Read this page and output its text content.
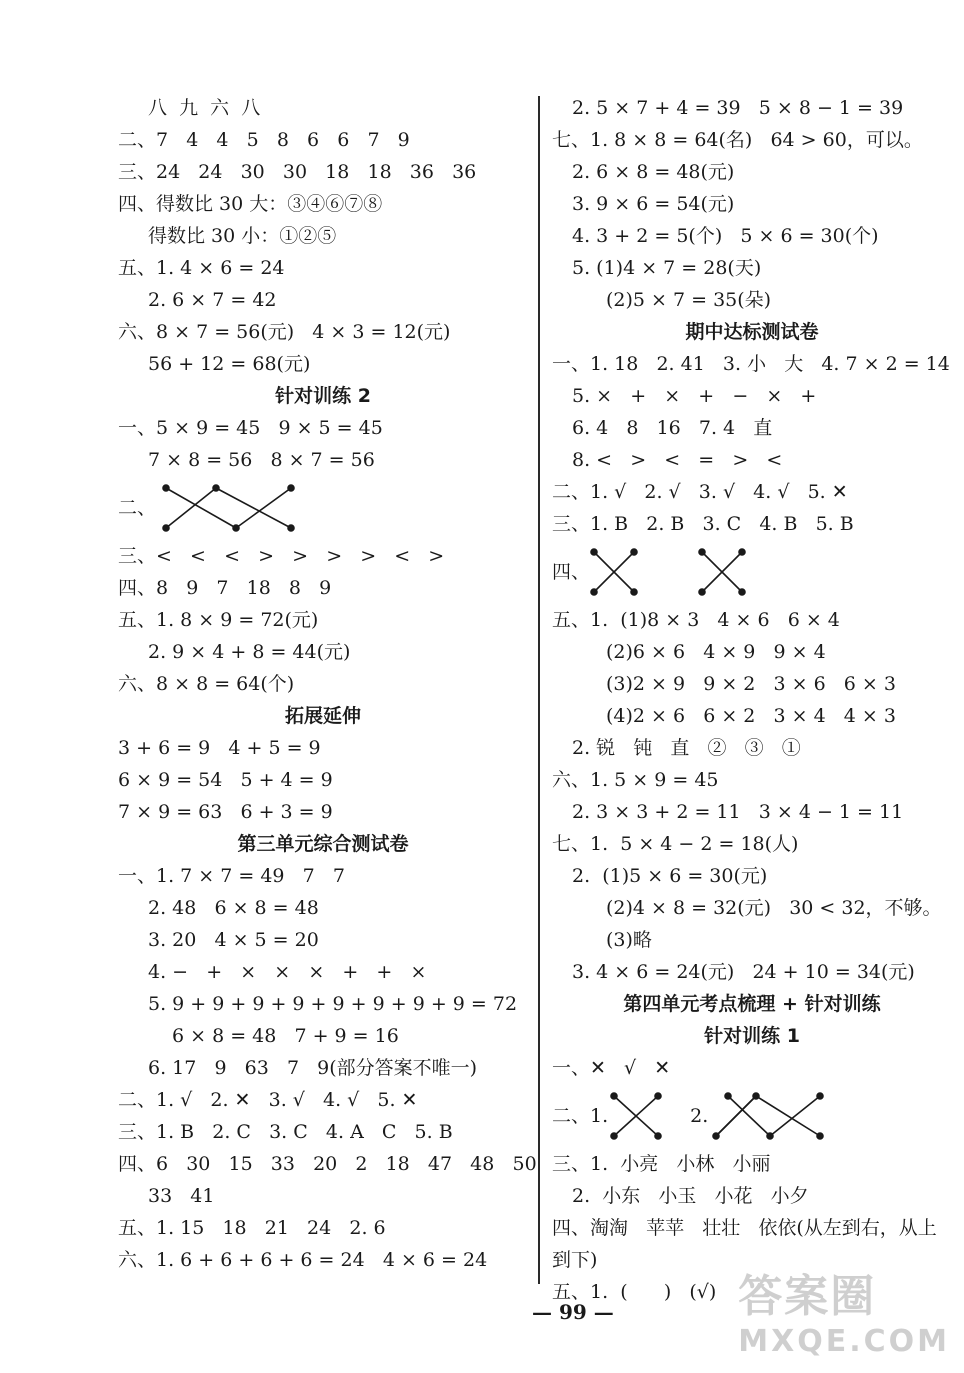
八  九  六  八
二、7   4   4   5   8   6   6   7   9
三、24   24   30   30   18   18   36   36
四、得数比 30 大：③④⑥⑦⑧
得数比 30 小：①②⑤
五、1. 4 × 6 = 24
2. 6 × 7 = 42
六、8 × 7 = 56(元)   4 × 3 = 12(元)
56 + 12 = 68(元)
针对训练 2
一、5 × 9 = 45   9 × 5 = 45
7 × 8 = 56   8 × 7 = 56
二、
三、<   <   <   >   >   >   >   <   >
四、8   9   7   18   8   9
五、1. 8 × 9 = 72(元)
2. 9 × 4 + 8 = 44(元)
六、8 × 8 = 64(个)
拓展延伸
3 + 6 = 9   4 + 5 = 9
6 × 9 = 54   5 + 4 = 9
7 × 9 = 63   6 + 3 = 9
第三单元综合测试卷
一、1. 7 × 7 = 49   7   7
2. 48   6 × 8 = 48
3. 20   4 × 5 = 20
4. −   +   ×   ×   ×   +   +   ×
5. 9 + 9 + 9 + 9 + 9 + 9 + 9 + 9 = 72
6 × 8 = 48   7 + 9 = 16
6. 17   9   63   7   9(部分答案不唯一)
二、1. √   2. ✕   3. √   4. √   5. ✕
三、1. B   2. C   3. C   4. A   C   5. B
四、6   30   15   33   20   2   18   47   48   50
33   41
五、1. 15   18   21   24   2. 6
六、1. 6 + 6 + 6 + 6 = 24   4 × 6 = 24
2. 5 × 7 + 4 = 39   5 × 8 − 1 = 39
七、1. 8 × 8 = 64(名)   64 > 60，可以。
2. 6 × 8 = 48(元)
3. 9 × 6 = 54(元)
4. 3 + 2 = 5(个)   5 × 6 = 30(个)
5. (1)4 × 7 = 28(天)
(2)5 × 7 = 35(朵)
期中达标测试卷
一、1. 18   2. 41   3. 小   大   4. 7 × 2 = 14
5. ×   +   ×   +   −   ×   +
6. 4   8   16   7. 4   直
8. <   >   <   =   >   <
二、1. √   2. √   3. √   4. √   5. ✕
三、1. B   2. B   3. C   4. B   5. B
四、
五、1.  (1)8 × 3   4 × 6   6 × 4
(2)6 × 6   4 × 9   9 × 4
(3)2 × 9   9 × 2   3 × 6   6 × 3
(4)2 × 6   6 × 2   3 × 4   4 × 3
2. 锐   钝   直   ②   ③   ①
六、1. 5 × 9 = 45
2. 3 × 3 + 2 = 11   3 × 4 − 1 = 11
七、1.  5 × 4 − 2 = 18(人)
2.  (1)5 × 6 = 30(元)
(2)4 × 8 = 32(元)   30 < 32，不够。
(3)略
3. 4 × 6 = 24(元)   24 + 10 = 34(元)
第四单元考点梳理 + 针对训练
针对训练 1
一、✕   √   ✕
二、1.	2.
三、1.  小亮   小林   小丽
2.  小东   小玉   小花   小夕
四、淘淘   苹苹   壮壮   依依(从左到右，从上
到下)
五、1.  (      )   (√)
— 99 —	答案圈
MXQE.COM
